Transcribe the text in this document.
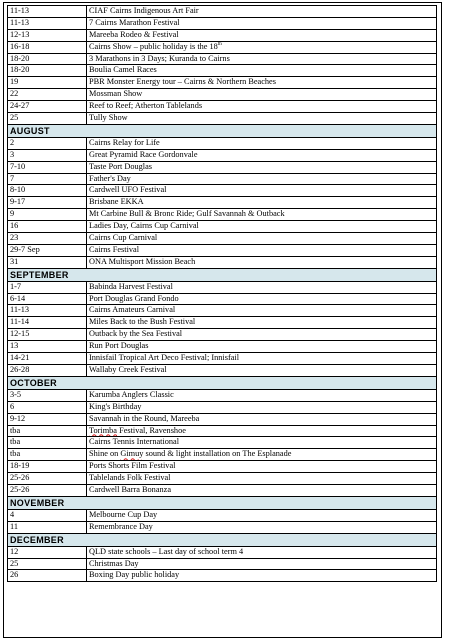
11-13	CIAF Cairns Indigenous Art Fair
11-13	7 Cairns Marathon Festival
12-13	Mareeba Rodeo & Festival
16-18	Cairns Show – public holiday is the 18th
18-20	3 Marathons in 3 Days; Kuranda to Cairns
18-20	Boulia Camel Races
19	PBR Monster Energy tour – Cairns & Northern Beaches
22	Mossman Show
24-27	Reef to Reef; Atherton Tablelands
25	Tully Show
AUGUST	
2	Cairns Relay for Life
3	Great Pyramid Race Gordonvale
7-10	Taste Port Douglas
7	Father's Day
8-10	Cardwell UFO Festival
9-17	Brisbane EKKA
9	Mt Carbine Bull & Bronc Ride; Gulf Savannah & Outback
16	Ladies Day, Cairns Cup Carnival
23	Cairns Cup Carnival
29-7 Sep	Cairns Festival
31	ONA Multisport Mission Beach
SEPTEMBER	
1-7	Babinda Harvest Festival
6-14	Port Douglas Grand Fondo
11-13	Cairns Amateurs Carnival
11-14	Miles Back to the Bush Festival
12-15	Outback by the Sea Festival
13	Run Port Douglas
14-21	Innisfail Tropical Art Deco Festival; Innisfail
26-28	Wallaby Creek Festival
OCTOBER	
3-5	Karumba Anglers Classic
6	King's Birthday
9-12	Savannah in the Round, Mareeba
tba	Torimba Festival, Ravenshoe
tba	Cairns Tennis International
tba	Shine on Gimuy sound & light installation on The Esplanade
18-19	Ports Shorts Film Festival
25-26	Tablelands Folk Festival
25-26	Cardwell Barra Bonanza
NOVEMBER	
4	Melbourne Cup Day
11	Remembrance Day
DECEMBER	
12	QLD state schools – Last day of school term 4
25	Christmas Day
26	Boxing Day public holiday
